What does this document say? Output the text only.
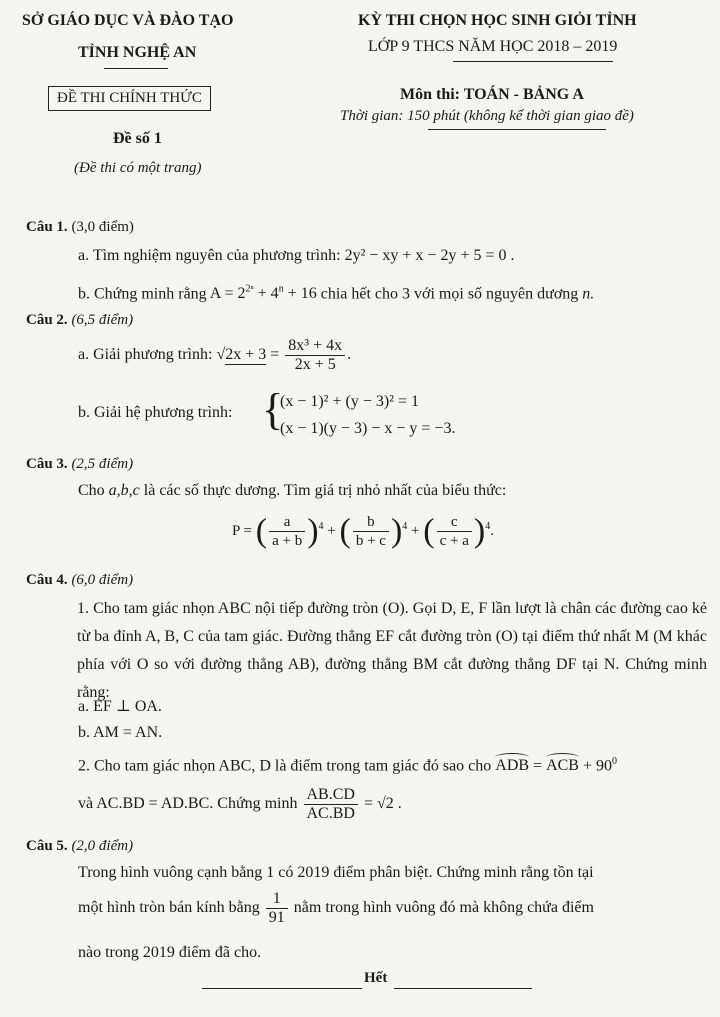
SỞ GIÁO DỤC VÀ ĐÀO TẠO
TỈNH NGHỆ AN
ĐỀ THI CHÍNH THỨC
Đề số 1
(Đề thi có một trang)
KỲ THI CHỌN HỌC SINH GIỎI TỈNH
LỚP 9 THCS NĂM HỌC 2018 – 2019
Môn thi: TOÁN - BẢNG A
Thời gian: 150 phút (không kể thời gian giao đề)
Câu 1. (3,0 điểm)
a. Tìm nghiệm nguyên của phương trình: 2y² − xy + x − 2y + 5 = 0 .
b. Chứng minh rằng $A = 2^{2^n} + 4^n + 16$ chia hết cho 3 với mọi số nguyên dương n.
Câu 2. (6,5 điểm)
a. Giải phương trình: $√2x + 3 = \frac{\text{8x³ + 4x}}{2x + 5}$ .
b. Giải hệ phương trình: {
(x − 1)² + (y − 3)² = 1
(x − 1)(y − 3) − x − y = −3.
Câu 3. (2,5 điểm)
Cho a,b,c là các số thực dương. Tìm giá trị nhỏ nhất của biểu thức:
P = ( $\frac{a}{a + b} )^4$ + ( $\frac{b}{b + c} )^4$ + ( $\frac{c}{c + a} )^4$.
Câu 4. (6,0 điểm)
1. Cho tam giác nhọn ABC nội tiếp đường tròn (O). Gọi D, E, F lần lượt là chân các đường cao kẻ từ ba đỉnh A, B, C của tam giác. Đường thẳng EF cắt đường tròn (O) tại điểm thứ nhất M (M khác phía với O so với đường thẳng AB), đường thẳng BM cắt đường thẳng DF tại N. Chứng minh rằng:
a. EF ⊥ OA.
b. AM = AN.
2. Cho tam giác nhọn ABC, D là điểm trong tam giác đó sao cho ADB = ACB + $90^0$
và AC.BD = AD.BC. Chứng minh $\frac{AB.CD}{AC.BD} = √2$ .
Câu 5. (2,0 điểm)
Trong hình vuông cạnh bằng 1 có 2019 điểm phân biệt. Chứng minh rằng tồn tại
một hình tròn bán kính bằng $\frac{1}{91}$ nằm trong hình vuông đó mà không chứa điểm
nào trong 2019 điểm đã cho.
Hết
